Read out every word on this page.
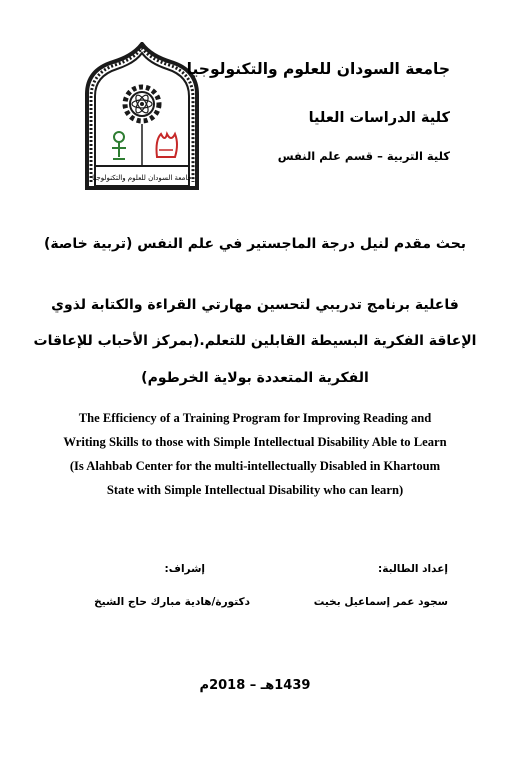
جامعة السودان للعلوم والتكنولوجيا
جامعة السودان للعلوم والتكنولوجيا
كلية الدراسات العليا
كلية التربية – قسم علم النفس
بحث مقدم لنيل درجة الماجستير في علم النفس (تربية خاصة)
فاعلية برنامج تدريبي لتحسين مهارتي القراءة والكتابة لذوي
الإعاقة الفكرية البسيطة القابلين للتعلم.(بمركز الأحباب للإعاقات
الفكرية المتعددة بولاية الخرطوم)
The Efficiency of a Training Program for Improving Reading and
Writing Skills to those with Simple Intellectual Disability Able to Learn
(Is Alahbab Center for the multi-intellectually Disabled in Khartoum
State with Simple Intellectual Disability who can learn)
إعداد الطالبة:
سجود عمر إسماعيل بخيت
إشراف:
دكتورة/هادية مبارك حاج الشيخ
1439هـ – 2018م
